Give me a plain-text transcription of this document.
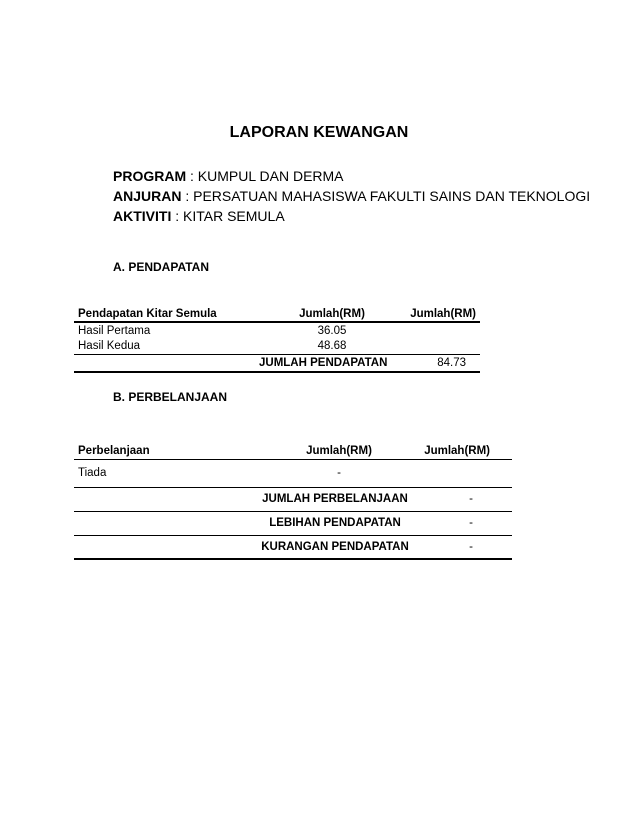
LAPORAN KEWANGAN
PROGRAM : KUMPUL DAN DERMA
ANJURAN : PERSATUAN MAHASISWA FAKULTI SAINS DAN TEKNOLOGI
AKTIVITI : KITAR SEMULA
A. PENDAPATAN
Pendapatan Kitar Semula	Jumlah(RM)	Jumlah(RM)
Hasil Pertama	36.05	
Hasil Kedua	48.68	
	JUMLAH PENDAPATAN	84.73
B. PERBELANJAAN
Perbelanjaan	Jumlah(RM)	Jumlah(RM)
Tiada	-	
	JUMLAH PERBELANJAAN	-
	LEBIHAN PENDAPATAN	-
	KURANGAN PENDAPATAN	-
